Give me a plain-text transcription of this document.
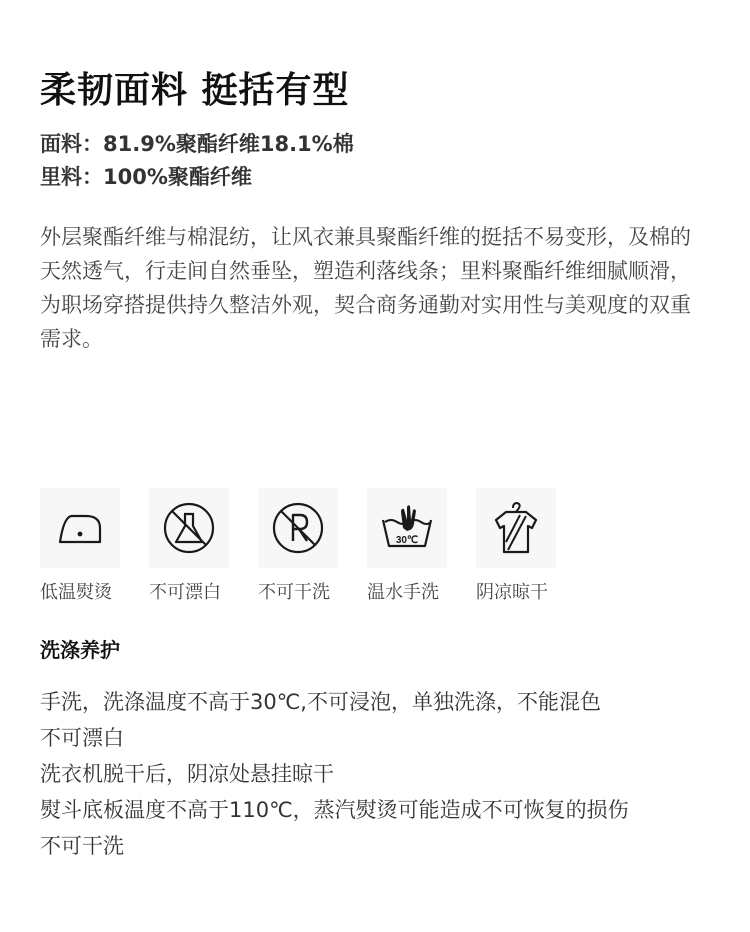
柔韧面料 挺括有型
面料：81.9%聚酯纤维18.1%棉
里料：100%聚酯纤维
外层聚酯纤维与棉混纺，让风衣兼具聚酯纤维的挺括不易变形，及棉的天然透气，行走间自然垂坠，塑造利落线条；里料聚酯纤维细腻顺滑，为职场穿搭提供持久整洁外观，契合商务通勤对实用性与美观度的双重需求。
低温熨烫 不可漂白 不可干洗
30℃
温水手洗 阴凉晾干
洗涤养护
手洗，洗涤温度不高于30℃,不可浸泡，单独洗涤，不能混色
不可漂白
洗衣机脱干后，阴凉处悬挂晾干
熨斗底板温度不高于110℃，蒸汽熨烫可能造成不可恢复的损伤
不可干洗
